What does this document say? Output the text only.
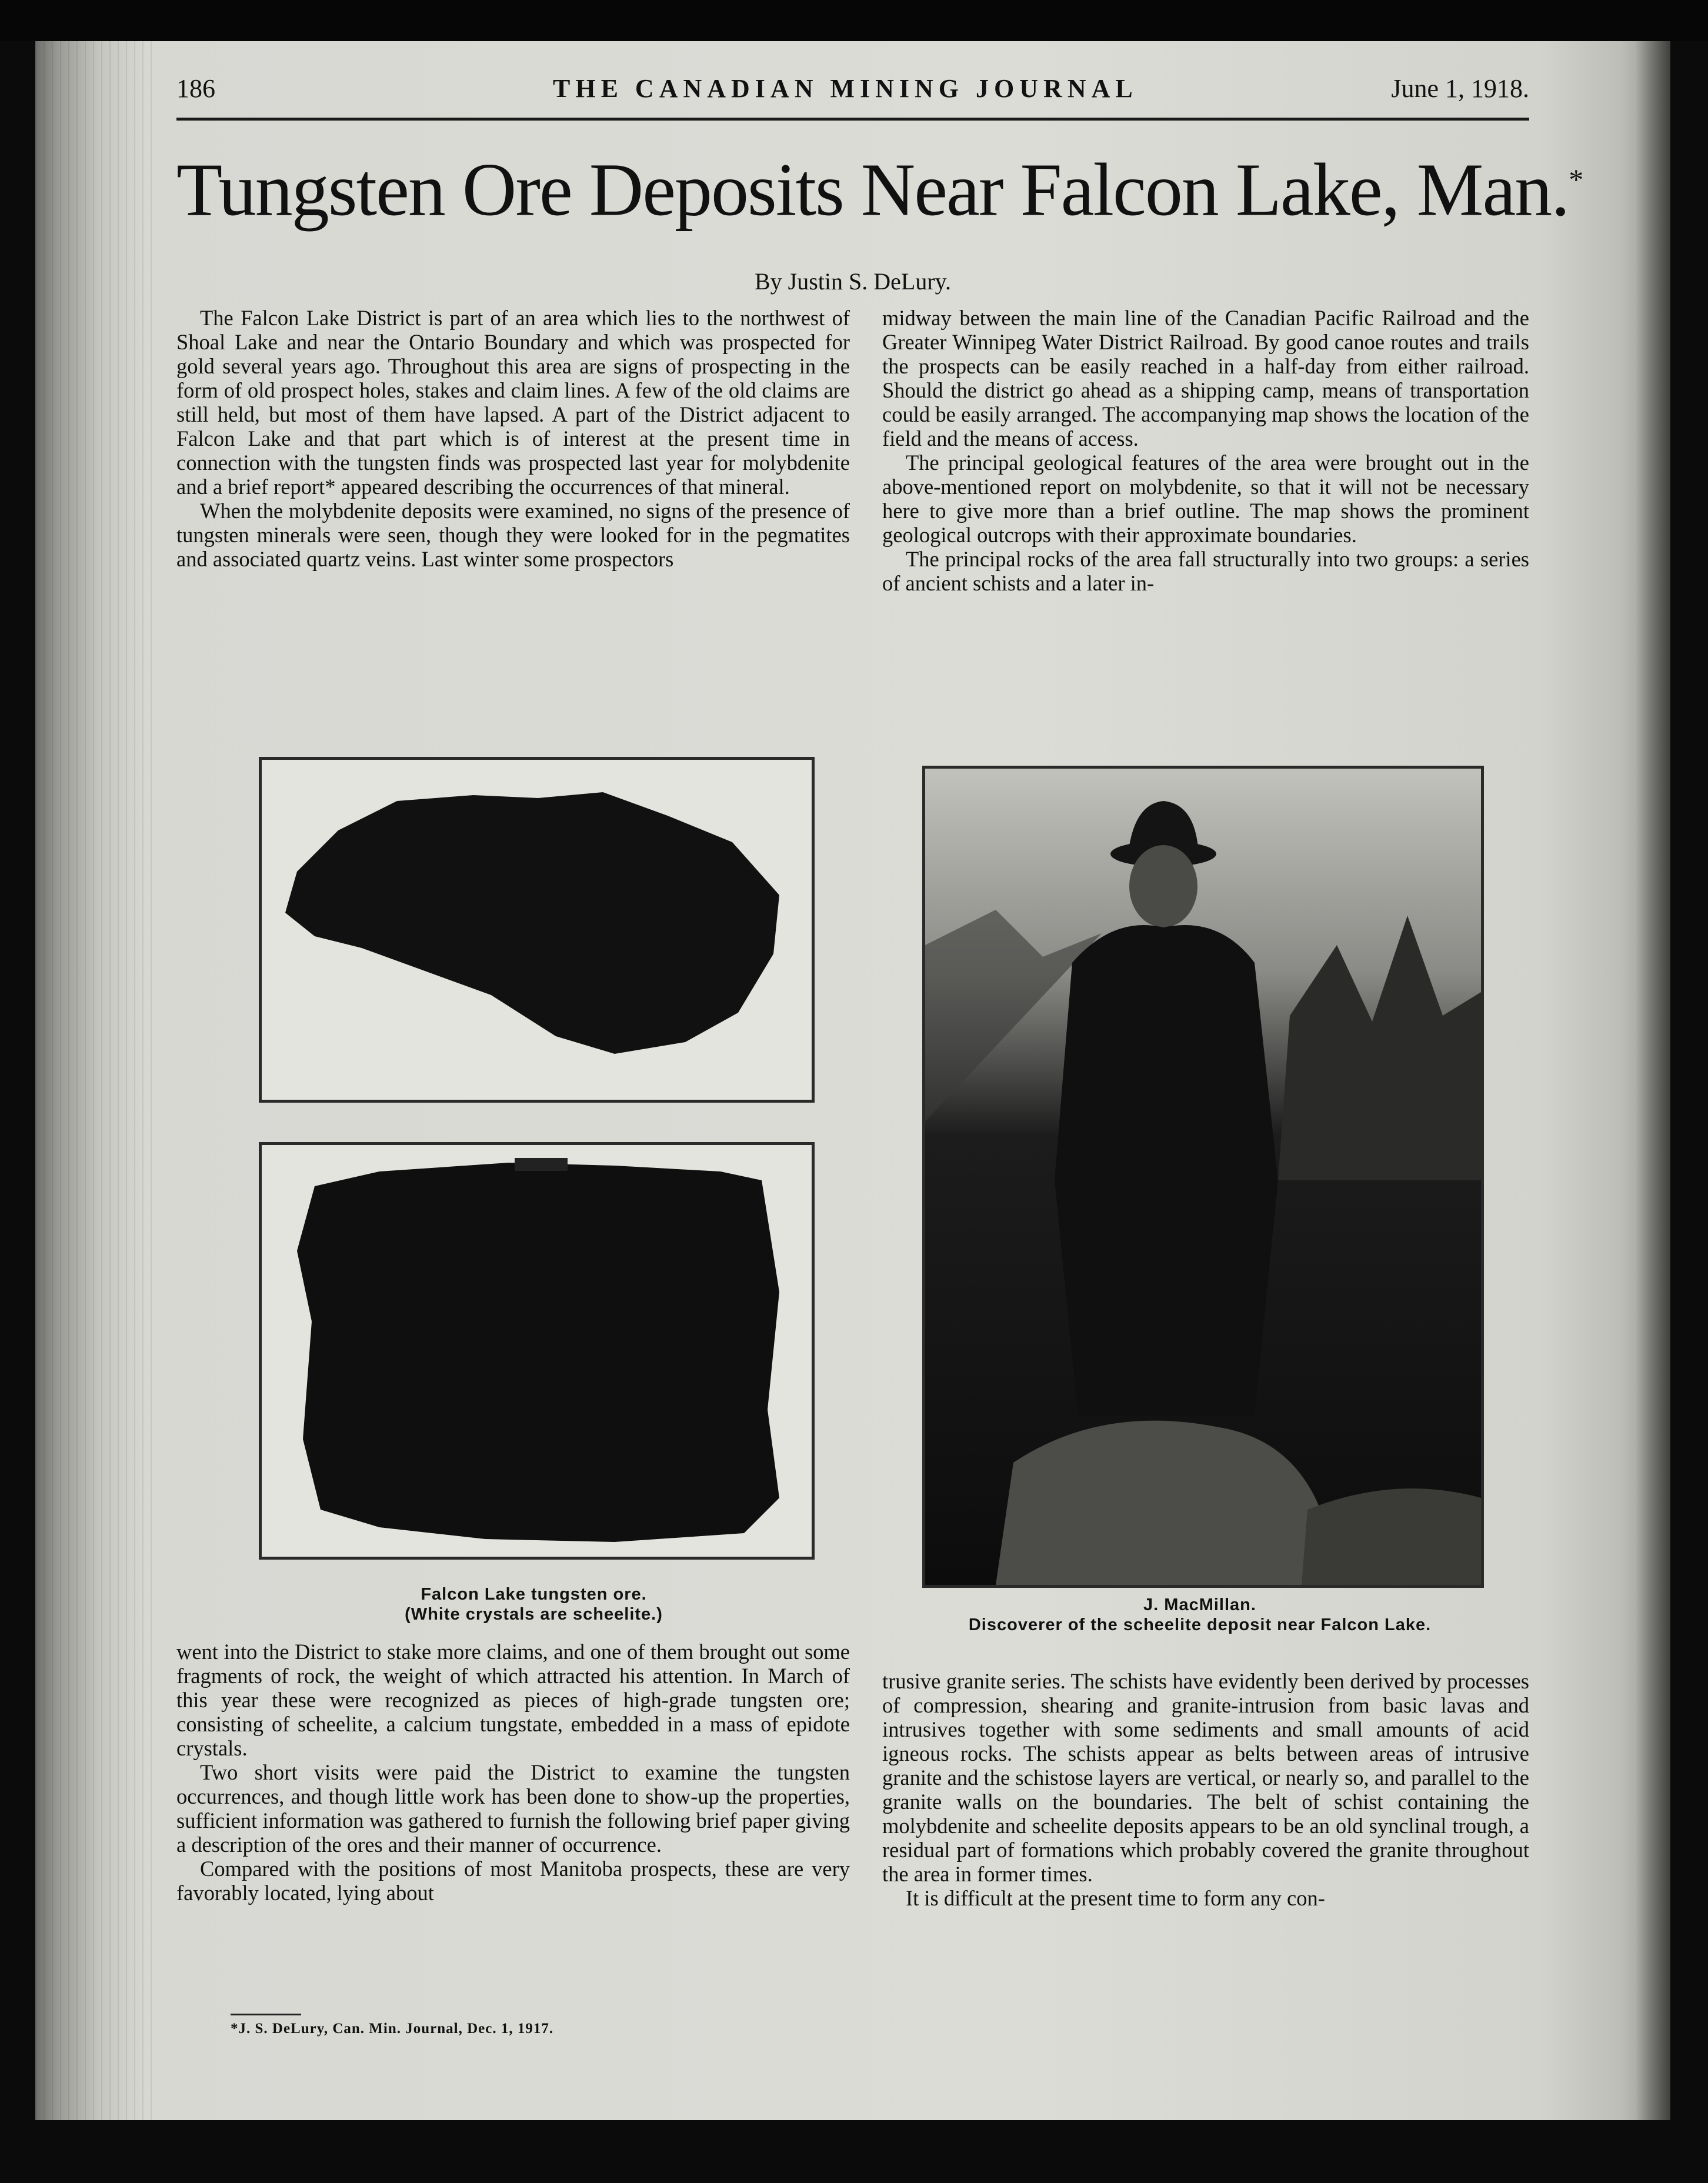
186	THE CANADIAN MINING JOURNAL	June 1, 1918.
Tungsten Ore Deposits Near Falcon Lake, Man.*
By Justin S. DeLury.

The Falcon Lake District is part of an area which lies to the northwest of Shoal Lake and near the Ontario Boundary and which was prospected for gold several years ago. Throughout this area are signs of prospecting in the form of old prospect holes, stakes and claim lines. A few of the old claims are still held, but most of them have lapsed. A part of the District adjacent to Falcon Lake and that part which is of interest at the present time in connection with the tungsten finds was prospected last year for molybdenite and a brief report* appeared describing the occurrences of that mineral.

When the molybdenite deposits were examined, no signs of the presence of tungsten minerals were seen, though they were looked for in the pegmatites and associated quartz veins. Last winter some prospectors

midway between the main line of the Canadian Pacific Railroad and the Greater Winnipeg Water District Railroad. By good canoe routes and trails the prospects can be easily reached in a half-day from either railroad. Should the district go ahead as a shipping camp, means of transportation could be easily arranged. The accompanying map shows the location of the field and the means of access.

The principal geological features of the area were brought out in the above-mentioned report on molybdenite, so that it will not be necessary here to give more than a brief outline. The map shows the prominent geological outcrops with their approximate boundaries.

The principal rocks of the area fall structurally into two groups: a series of ancient schists and a later in-

Falcon Lake tungsten ore.
(White crystals are scheelite.)	J. MacMillan.
Discoverer of the scheelite deposit near Falcon Lake.

went into the District to stake more claims, and one of them brought out some fragments of rock, the weight of which attracted his attention. In March of this year these were recognized as pieces of high-grade tungsten ore; consisting of scheelite, a calcium tungstate, embedded in a mass of epidote crystals.

Two short visits were paid the District to examine the tungsten occurrences, and though little work has been done to show-up the properties, sufficient information was gathered to furnish the following brief paper giving a description of the ores and their manner of occurrence.

Compared with the positions of most Manitoba prospects, these are very favorably located, lying about

trusive granite series. The schists have evidently been derived by processes of compression, shearing and granite-intrusion from basic lavas and intrusives together with some sediments and small amounts of acid igneous rocks. The schists appear as belts between areas of intrusive granite and the schistose layers are vertical, or nearly so, and parallel to the granite walls on the boundaries. The belt of schist containing the molybdenite and scheelite deposits appears to be an old synclinal trough, a residual part of formations which probably covered the granite throughout the area in former times.

It is difficult at the present time to form any con-

*J. S. DeLury, Can. Min. Journal, Dec. 1, 1917.
